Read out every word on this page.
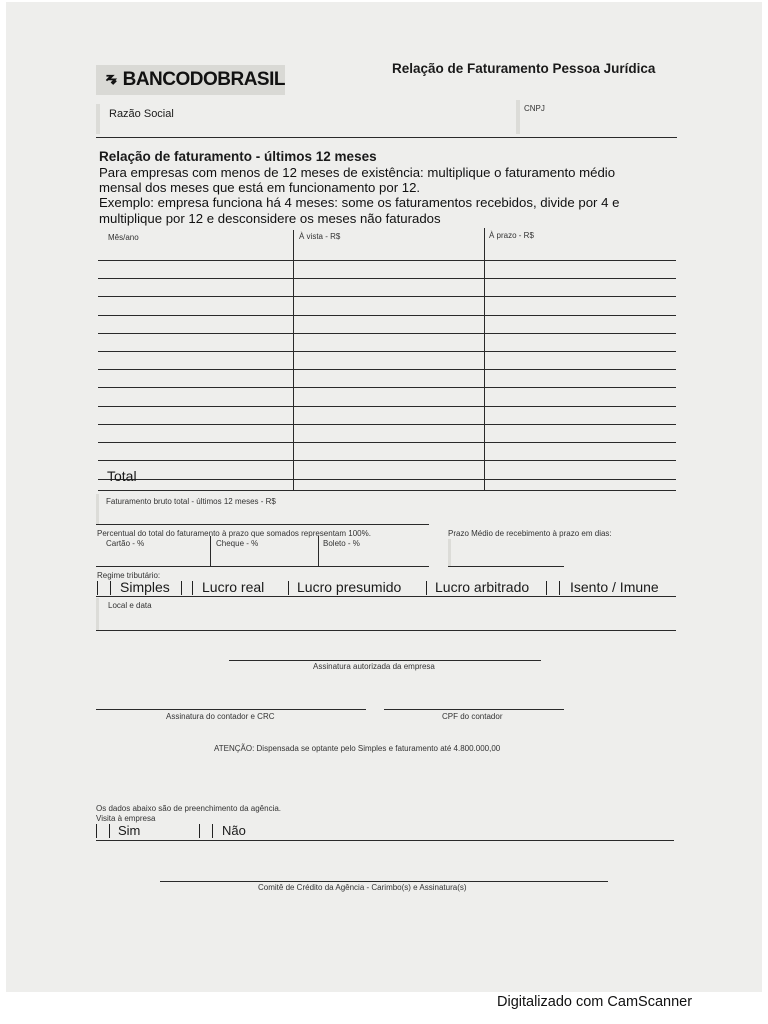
BANCODOBRASIL
Relação de Faturamento Pessoa Jurídica
Razão Social	CNPJ
Relação de faturamento - últimos 12 meses
Para empresas com menos de 12 meses de existência: multiplique o faturamento médio
mensal dos meses que está em funcionamento por 12.
Exemplo: empresa funciona há 4 meses: some os faturamentos recebidos, divide por 4 e
multiplique por 12 e desconsidere os meses não faturados
Mês/ano	À vista - R$	À prazo - R$
Total
Faturamento bruto total - últimos 12 meses - R$
Percentual do total do faturamento à prazo que somados representam 100%.
Cartão - %	Cheque - %	Boleto - %
Prazo Médio de recebimento à prazo em dias:
Regime tributário:
Simples Lucro real Lucro presumido Lucro arbitrado	Isento / Imune
Local e data
Assinatura autorizada da empresa
Assinatura do contador e CRC	CPF do contador
ATENÇÃO: Dispensada se optante pelo Simples e faturamento até 4.800.000,00
Os dados abaixo são de preenchimento da agência.
Visita à empresa
Sim	Não
Comitê de Crédito da Agência - Carimbo(s) e Assinatura(s)
Digitalizado com CamScanner
